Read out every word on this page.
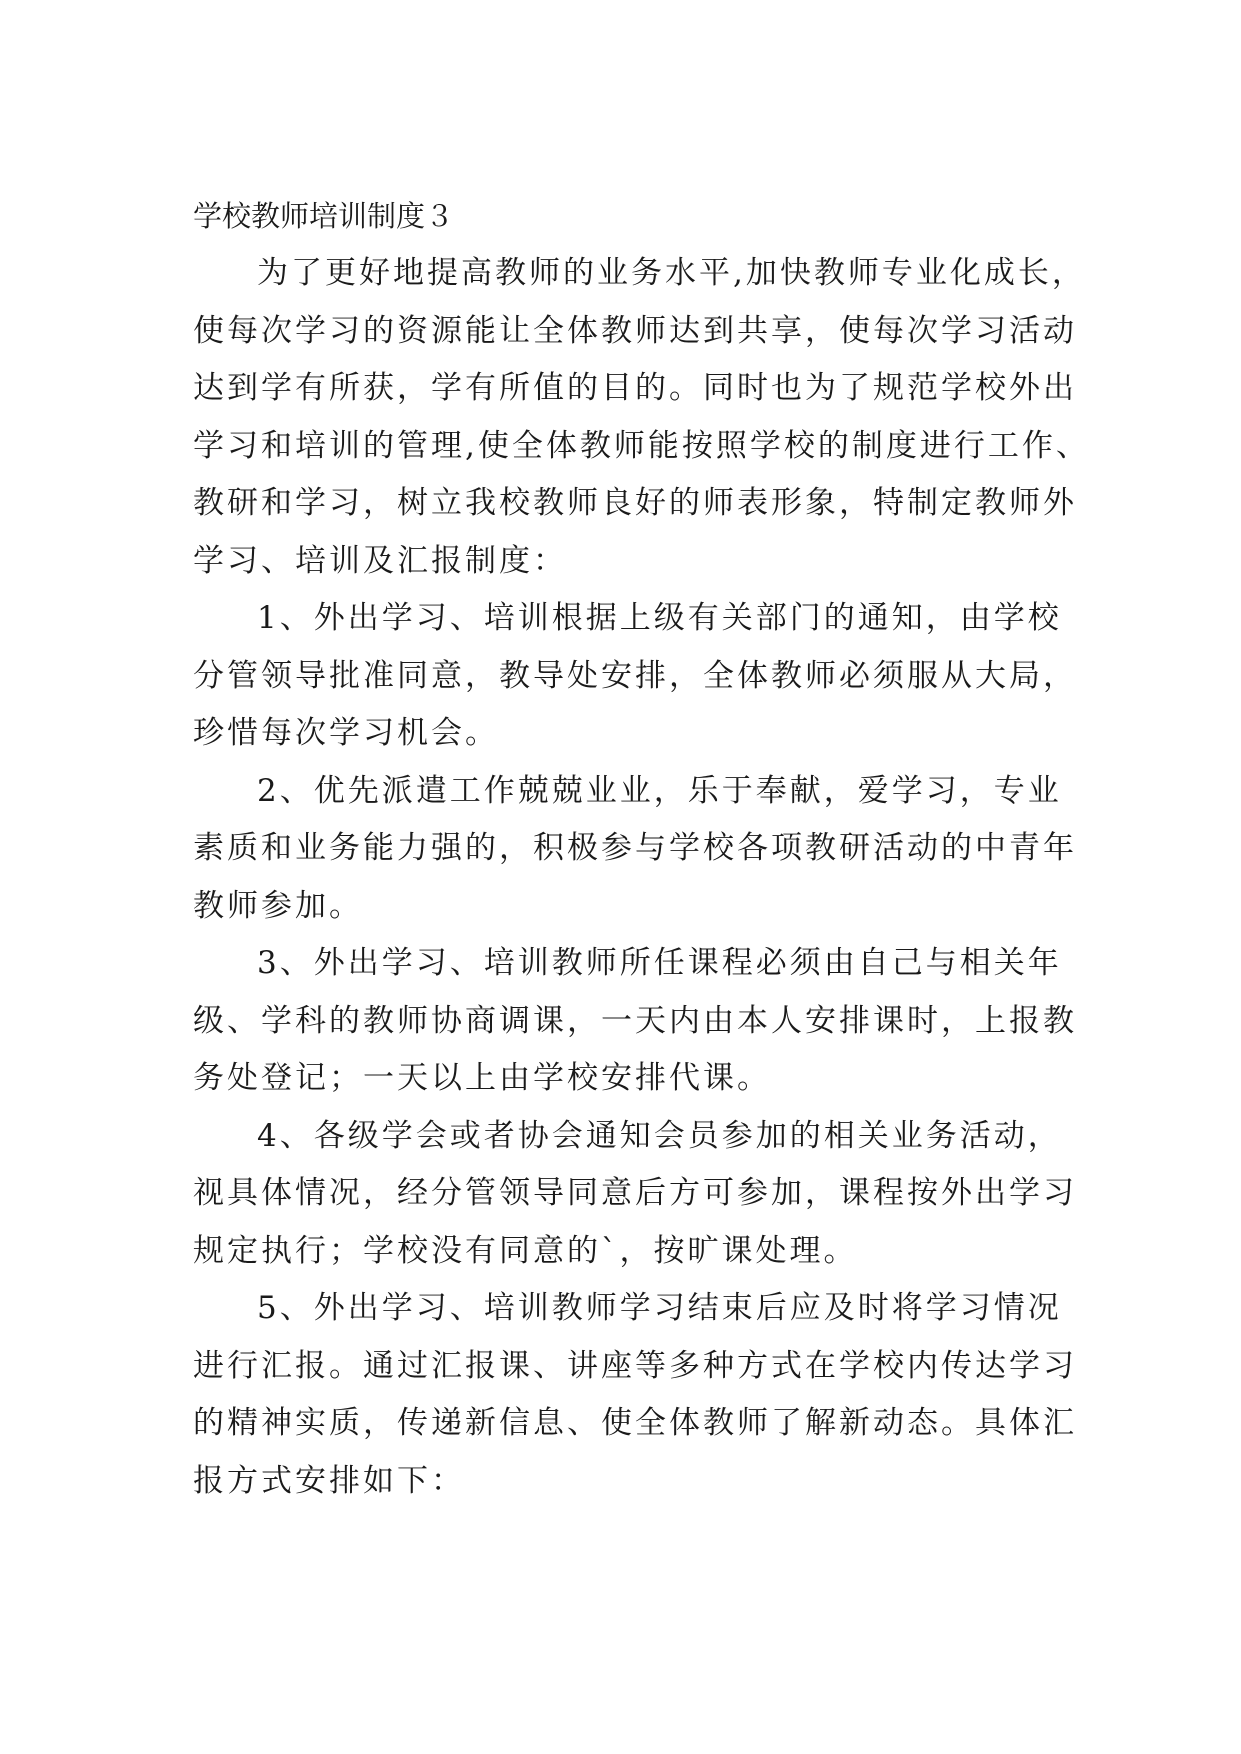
学校教师培训制度３

为了更好地提高教师的业务水平,加快教师专业化成长，
使每次学习的资源能让全体教师达到共享，使每次学习活动
达到学有所获，学有所值的目的。同时也为了规范学校外出
学习和培训的管理,使全体教师能按照学校的制度进行工作、
教研和学习，树立我校教师良好的师表形象，特制定教师外
学习、培训及汇报制度：

1、外出学习、培训根据上级有关部门的通知，由学校
分管领导批准同意，教导处安排，全体教师必须服从大局，
珍惜每次学习机会。

2、优先派遣工作兢兢业业，乐于奉献，爱学习，专业
素质和业务能力强的，积极参与学校各项教研活动的中青年
教师参加。

3、外出学习、培训教师所任课程必须由自己与相关年
级、学科的教师协商调课，一天内由本人安排课时，上报教
务处登记；一天以上由学校安排代课。

4、各级学会或者协会通知会员参加的相关业务活动，
视具体情况，经分管领导同意后方可参加，课程按外出学习
规定执行；学校没有同意的`，按旷课处理。

5、外出学习、培训教师学习结束后应及时将学习情况
进行汇报。通过汇报课、讲座等多种方式在学校内传达学习
的精神实质，传递新信息、使全体教师了解新动态。具体汇
报方式安排如下：
